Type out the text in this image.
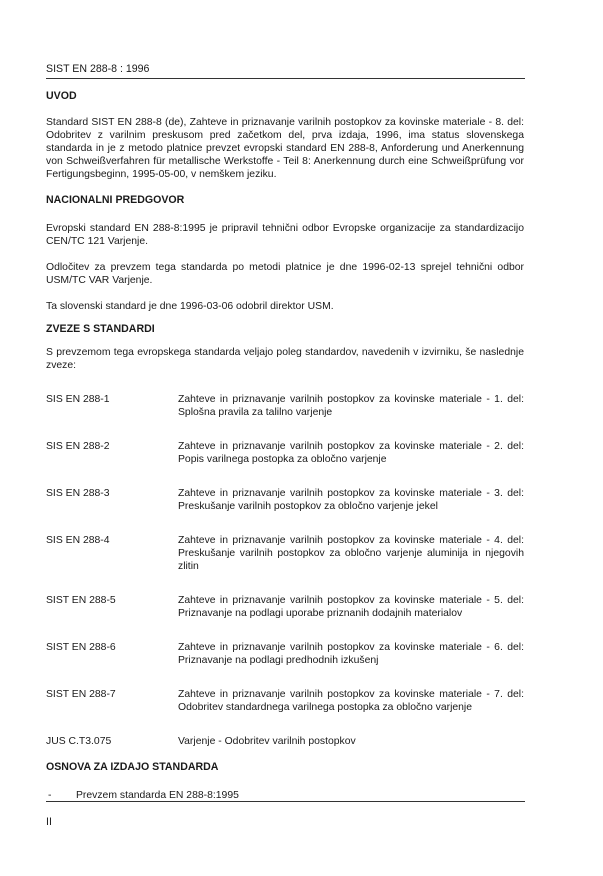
SIST EN 288-8 : 1996
UVOD

Standard SIST EN 288-8 (de), Zahteve in priznavanje varilnih postopkov za kovinske materiale - 8. del: Odobritev z varilnim preskusom pred začetkom del, prva izdaja, 1996, ima status slovenskega standarda in je z metodo platnice prevzet evropski standard EN 288-8, Anforderung und Anerkennung von Schweißverfahren für metallische Werkstoffe - Teil 8: Anerkennung durch eine Schweißprüfung vor Fertigungsbeginn, 1995-05-00, v nemškem jeziku.

NACIONALNI PREDGOVOR

Evropski standard EN 288-8:1995 je pripravil tehnični odbor Evropske organizacije za standardizacijo CEN/TC 121 Varjenje.

Odločitev za prevzem tega standarda po metodi platnice je dne 1996-02-13 sprejel tehnični odbor USM/TC VAR Varjenje.

Ta slovenski standard je dne 1996-03-06 odobril direktor USM.

ZVEZE S STANDARDI

S prevzemom tega evropskega standarda veljajo poleg standardov, navedenih v izvirniku, še naslednje zveze:

SIS EN 288-1	Zahteve in priznavanje varilnih postopkov za kovinske materiale - 1. del: Splošna pravila za talilno varjenje
SIS EN 288-2	Zahteve in priznavanje varilnih postopkov za kovinske materiale - 2. del: Popis varilnega postopka za obločno varjenje
SIS EN 288-3	Zahteve in priznavanje varilnih postopkov za kovinske materiale - 3. del: Preskušanje varilnih postopkov za obločno varjenje jekel
SIS EN 288-4	Zahteve in priznavanje varilnih postopkov za kovinske materiale - 4. del: Preskušanje varilnih postopkov za obločno varjenje aluminija in njegovih zlitin
SIST EN 288-5	Zahteve in priznavanje varilnih postopkov za kovinske materiale - 5. del: Priznavanje na podlagi uporabe priznanih dodajnih materialov
SIST EN 288-6	Zahteve in priznavanje varilnih postopkov za kovinske materiale - 6. del: Priznavanje na podlagi predhodnih izkušenj
SIST EN 288-7	Zahteve in priznavanje varilnih postopkov za kovinske materiale - 7. del: Odobritev standardnega varilnega postopka za obločno varjenje
JUS C.T3.075	Varjenje - Odobritev varilnih postopkov
OSNOVA ZA IZDAJO STANDARDA
-	Prevzem standarda EN 288-8:1995
II
